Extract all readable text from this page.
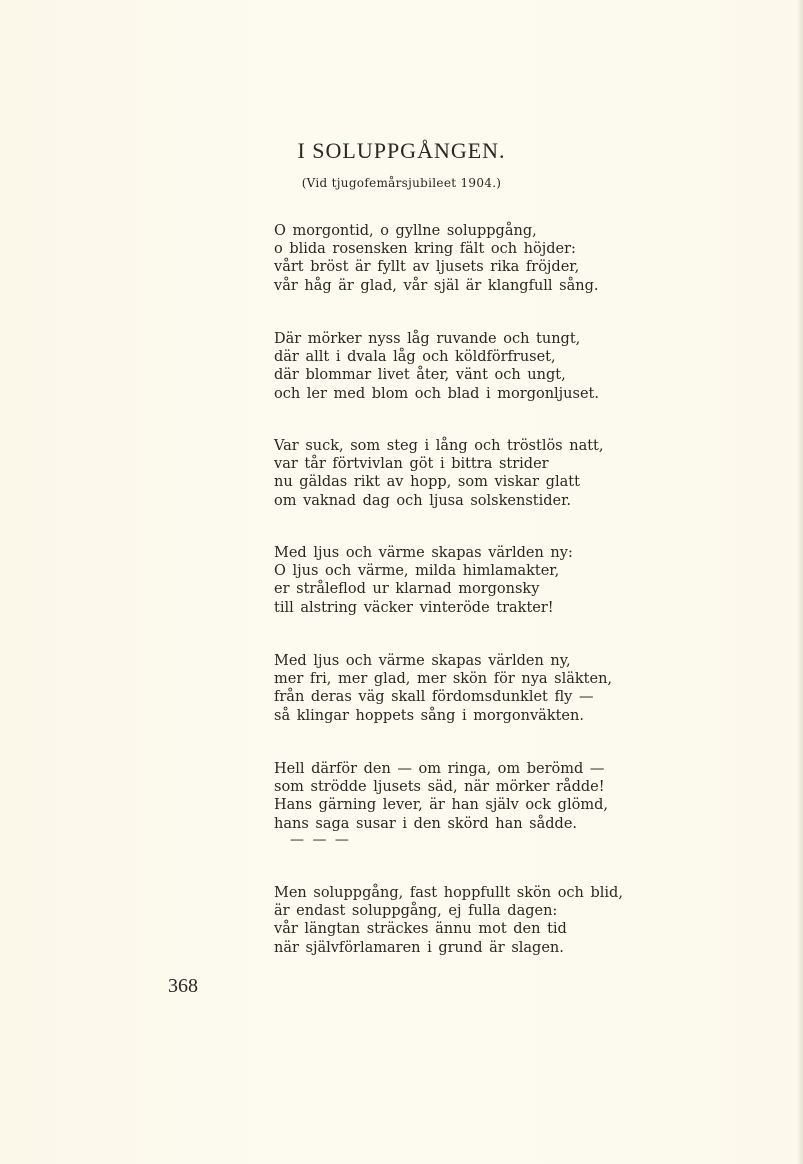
I SOLUPPGÅNGEN.
(Vid tjugofemårsjubileet 1904.)
O morgontid, o gyllne soluppgång,
o blida rosensken kring fält och höjder:
vårt bröst är fyllt av ljusets rika fröjder,
vår håg är glad, vår själ är klangfull sång.
Där mörker nyss låg ruvande och tungt,
där allt i dvala låg och köldförfruset,
där blommar livet åter, vänt och ungt,
och ler med blom och blad i morgonljuset.
Var suck, som steg i lång och tröstlös natt,
var tår förtvivlan göt i bittra strider
nu gäldas rikt av hopp, som viskar glatt
om vaknad dag och ljusa solskenstider.
Med ljus och värme skapas världen ny:
O ljus och värme, milda himlamakter,
er stråleflod ur klarnad morgonsky
till alstring väcker vinteröde trakter!
Med ljus och värme skapas världen ny,
mer fri, mer glad, mer skön för nya släkten,
från deras väg skall fördomsdunklet fly —
så klingar hoppets sång i morgonväkten.
Hell därför den — om ringa, om berömd —
som strödde ljusets säd, när mörker rådde!
Hans gärning lever, är han själv ock glömd,
hans saga susar i den skörd han sådde.
— — —
Men soluppgång, fast hoppfullt skön och blid,
är endast soluppgång, ej fulla dagen:
vår längtan sträckes ännu mot den tid
när självförlamaren i grund är slagen.
368
